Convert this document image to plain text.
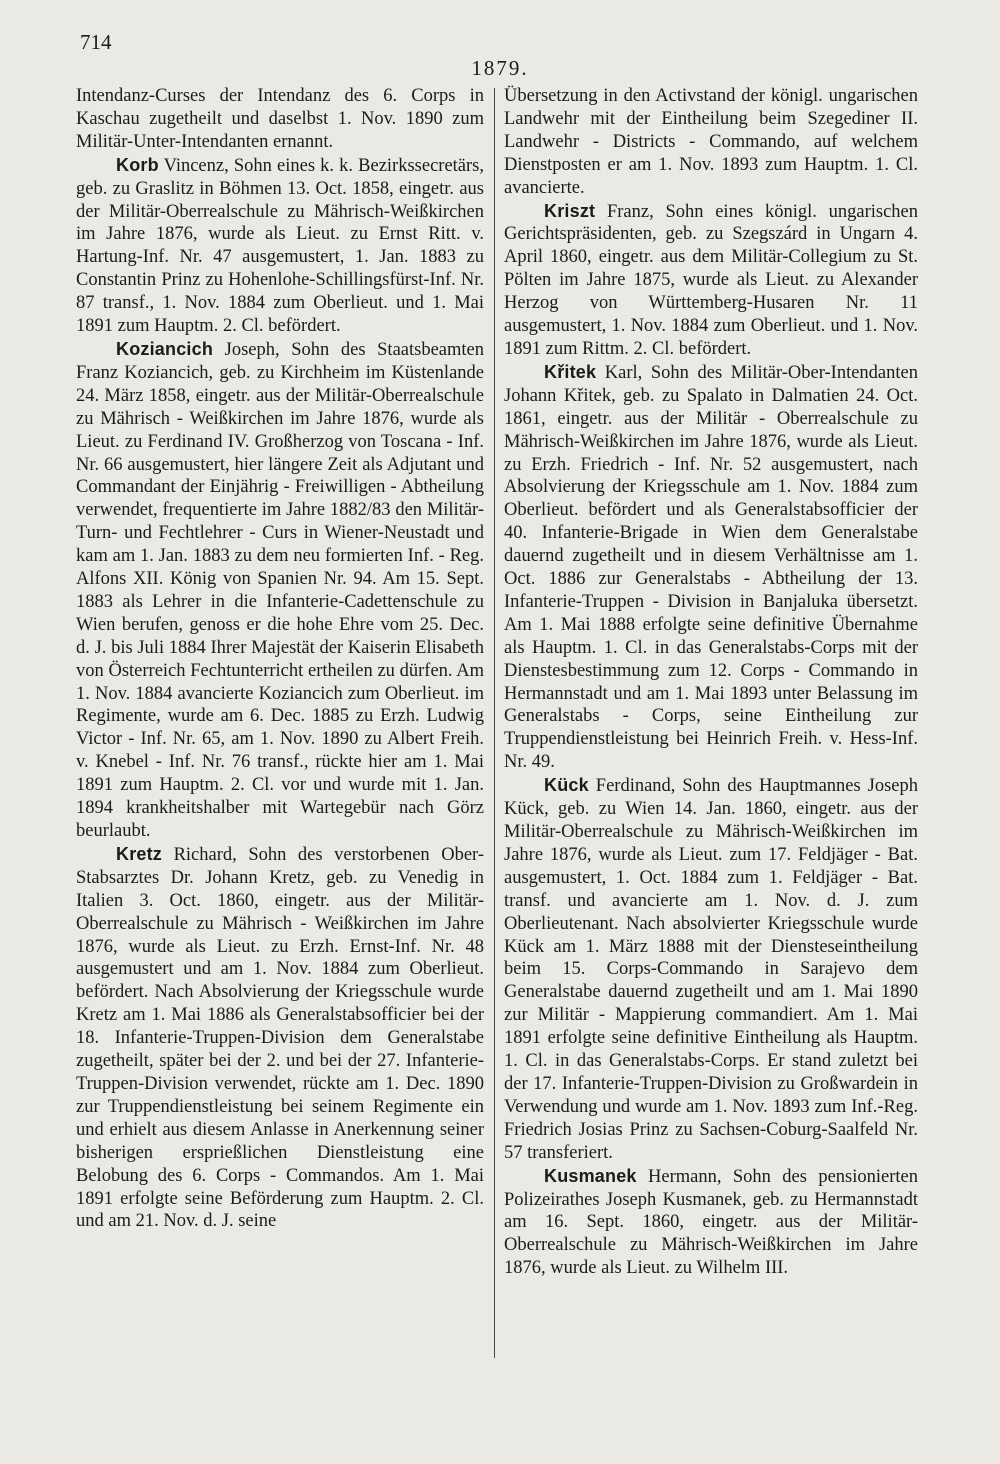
714
1879.

Intendanz-Curses der Intendanz des 6. Corps in Kaschau zugetheilt und daselbst 1. Nov. 1890 zum Militär-Unter-Intendanten ernannt.

Korb Vincenz, Sohn eines k. k. Bezirkssecretärs, geb. zu Graslitz in Böhmen 13. Oct. 1858, eingetr. aus der Militär-Oberrealschule zu Mährisch-Weißkirchen im Jahre 1876, wurde als Lieut. zu Ernst Ritt. v. Hartung-Inf. Nr. 47 ausgemustert, 1. Jan. 1883 zu Constantin Prinz zu Hohenlohe-Schillingsfürst-Inf. Nr. 87 transf., 1. Nov. 1884 zum Oberlieut. und 1. Mai 1891 zum Hauptm. 2. Cl. befördert.

Koziancich Joseph, Sohn des Staatsbeamten Franz Koziancich, geb. zu Kirchheim im Küstenlande 24. März 1858, eingetr. aus der Militär-Oberrealschule zu Mährisch - Weißkirchen im Jahre 1876, wurde als Lieut. zu Ferdinand IV. Großherzog von Toscana - Inf. Nr. 66 ausgemustert, hier längere Zeit als Adjutant und Commandant der Einjährig - Freiwilligen - Abtheilung verwendet, frequentierte im Jahre 1882/83 den Militär-Turn- und Fechtlehrer - Curs in Wiener-Neustadt und kam am 1. Jan. 1883 zu dem neu formierten Inf. - Reg. Alfons XII. König von Spanien Nr. 94. Am 15. Sept. 1883 als Lehrer in die Infanterie-Cadettenschule zu Wien berufen, genoss er die hohe Ehre vom 25. Dec. d. J. bis Juli 1884 Ihrer Majestät der Kaiserin Elisabeth von Österreich Fechtunterricht ertheilen zu dürfen. Am 1. Nov. 1884 avancierte Koziancich zum Oberlieut. im Regimente, wurde am 6. Dec. 1885 zu Erzh. Ludwig Victor - Inf. Nr. 65, am 1. Nov. 1890 zu Albert Freih. v. Knebel - Inf. Nr. 76 transf., rückte hier am 1. Mai 1891 zum Hauptm. 2. Cl. vor und wurde mit 1. Jan. 1894 krankheitshalber mit Wartegebür nach Görz beurlaubt.

Kretz Richard, Sohn des verstorbenen Ober-Stabsarztes Dr. Johann Kretz, geb. zu Venedig in Italien 3. Oct. 1860, eingetr. aus der Militär-Oberrealschule zu Mährisch - Weißkirchen im Jahre 1876, wurde als Lieut. zu Erzh. Ernst-Inf. Nr. 48 ausgemustert und am 1. Nov. 1884 zum Oberlieut. befördert. Nach Absolvierung der Kriegsschule wurde Kretz am 1. Mai 1886 als Generalstabsofficier bei der 18. Infanterie-Truppen-Division dem Generalstabe zugetheilt, später bei der 2. und bei der 27. Infanterie-Truppen-Division verwendet, rückte am 1. Dec. 1890 zur Truppendienstleistung bei seinem Regimente ein und erhielt aus diesem Anlasse in Anerkennung seiner bisherigen ersprießlichen Dienstleistung eine Belobung des 6. Corps - Commandos. Am 1. Mai 1891 erfolgte seine Beförderung zum Hauptm. 2. Cl. und am 21. Nov. d. J. seine

Übersetzung in den Activstand der königl. ungarischen Landwehr mit der Eintheilung beim Szegediner II. Landwehr - Districts - Commando, auf welchem Dienstposten er am 1. Nov. 1893 zum Hauptm. 1. Cl. avancierte.

Kriszt Franz, Sohn eines königl. ungarischen Gerichtspräsidenten, geb. zu Szegszárd in Ungarn 4. April 1860, eingetr. aus dem Militär-Collegium zu St. Pölten im Jahre 1875, wurde als Lieut. zu Alexander Herzog von Württemberg-Husaren Nr. 11 ausgemustert, 1. Nov. 1884 zum Oberlieut. und 1. Nov. 1891 zum Rittm. 2. Cl. befördert.

Křitek Karl, Sohn des Militär-Ober-Intendanten Johann Křitek, geb. zu Spalato in Dalmatien 24. Oct. 1861, eingetr. aus der Militär - Oberrealschule zu Mährisch-Weißkirchen im Jahre 1876, wurde als Lieut. zu Erzh. Friedrich - Inf. Nr. 52 ausgemustert, nach Absolvierung der Kriegsschule am 1. Nov. 1884 zum Oberlieut. befördert und als Generalstabsofficier der 40. Infanterie-Brigade in Wien dem Generalstabe dauernd zugetheilt und in diesem Verhältnisse am 1. Oct. 1886 zur Generalstabs - Abtheilung der 13. Infanterie-Truppen - Division in Banjaluka übersetzt. Am 1. Mai 1888 erfolgte seine definitive Übernahme als Hauptm. 1. Cl. in das Generalstabs-Corps mit der Dienstesbestimmung zum 12. Corps - Commando in Hermannstadt und am 1. Mai 1893 unter Belassung im Generalstabs - Corps, seine Eintheilung zur Truppendienstleistung bei Heinrich Freih. v. Hess-Inf. Nr. 49.

Kück Ferdinand, Sohn des Hauptmannes Joseph Kück, geb. zu Wien 14. Jan. 1860, eingetr. aus der Militär-Oberrealschule zu Mährisch-Weißkirchen im Jahre 1876, wurde als Lieut. zum 17. Feldjäger - Bat. ausgemustert, 1. Oct. 1884 zum 1. Feldjäger - Bat. transf. und avancierte am 1. Nov. d. J. zum Oberlieutenant. Nach absolvierter Kriegsschule wurde Kück am 1. März 1888 mit der Diensteseintheilung beim 15. Corps-Commando in Sarajevo dem Generalstabe dauernd zugetheilt und am 1. Mai 1890 zur Militär - Mappierung commandiert. Am 1. Mai 1891 erfolgte seine definitive Eintheilung als Hauptm. 1. Cl. in das Generalstabs-Corps. Er stand zuletzt bei der 17. Infanterie-Truppen-Division zu Großwardein in Verwendung und wurde am 1. Nov. 1893 zum Inf.-Reg. Friedrich Josias Prinz zu Sachsen-Coburg-Saalfeld Nr. 57 transferiert.

Kusmanek Hermann, Sohn des pensionierten Polizeirathes Joseph Kusmanek, geb. zu Hermannstadt am 16. Sept. 1860, eingetr. aus der Militär-Oberrealschule zu Mährisch-Weißkirchen im Jahre 1876, wurde als Lieut. zu Wilhelm III.
